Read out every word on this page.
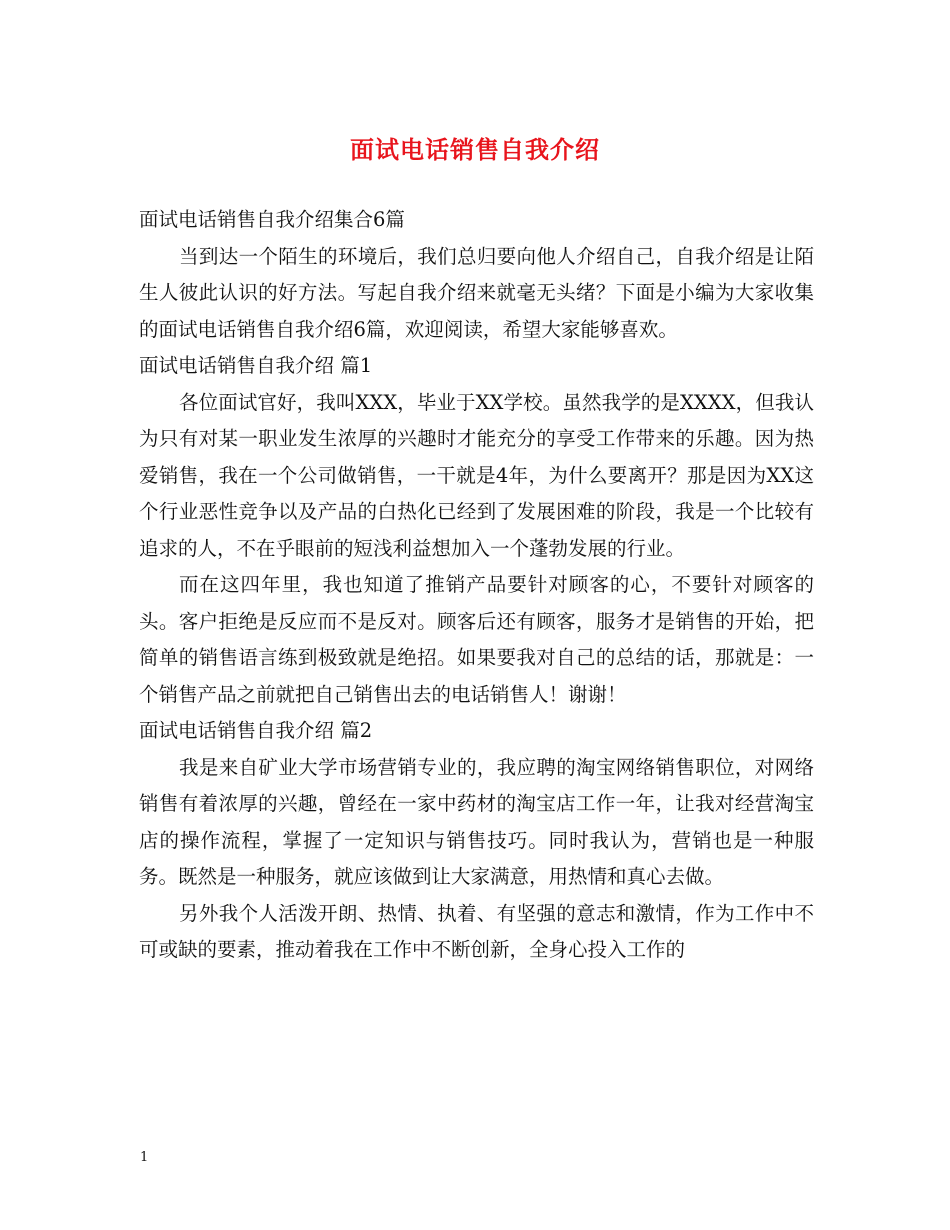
面试电话销售自我介绍

面试电话销售自我介绍集合6篇

当到达一个陌生的环境后，我们总归要向他人介绍自己，自我介绍是让陌生人彼此认识的好方法。写起自我介绍来就毫无头绪？下面是小编为大家收集的面试电话销售自我介绍6篇，欢迎阅读，希望大家能够喜欢。

面试电话销售自我介绍 篇1

各位面试官好，我叫XXX，毕业于XX学校。虽然我学的是XXXX，但我认为只有对某一职业发生浓厚的兴趣时才能充分的享受工作带来的乐趣。因为热爱销售，我在一个公司做销售，一干就是4年，为什么要离开？那是因为XX这个行业恶性竞争以及产品的白热化已经到了发展困难的阶段，我是一个比较有追求的人，不在乎眼前的短浅利益想加入一个蓬勃发展的行业。

而在这四年里，我也知道了推销产品要针对顾客的心，不要针对顾客的头。客户拒绝是反应而不是反对。顾客后还有顾客，服务才是销售的开始，把简单的销售语言练到极致就是绝招。如果要我对自己的总结的话，那就是：一个销售产品之前就把自己销售出去的电话销售人！谢谢！

面试电话销售自我介绍 篇2

我是来自矿业大学市场营销专业的，我应聘的淘宝网络销售职位，对网络销售有着浓厚的兴趣，曾经在一家中药材的淘宝店工作一年，让我对经营淘宝店的操作流程，掌握了一定知识与销售技巧。同时我认为，营销也是一种服务。既然是一种服务，就应该做到让大家满意，用热情和真心去做。

另外我个人活泼开朗、热情、执着、有坚强的意志和激情，作为工作中不可或缺的要素，推动着我在工作中不断创新，全身心投入工作的

1
